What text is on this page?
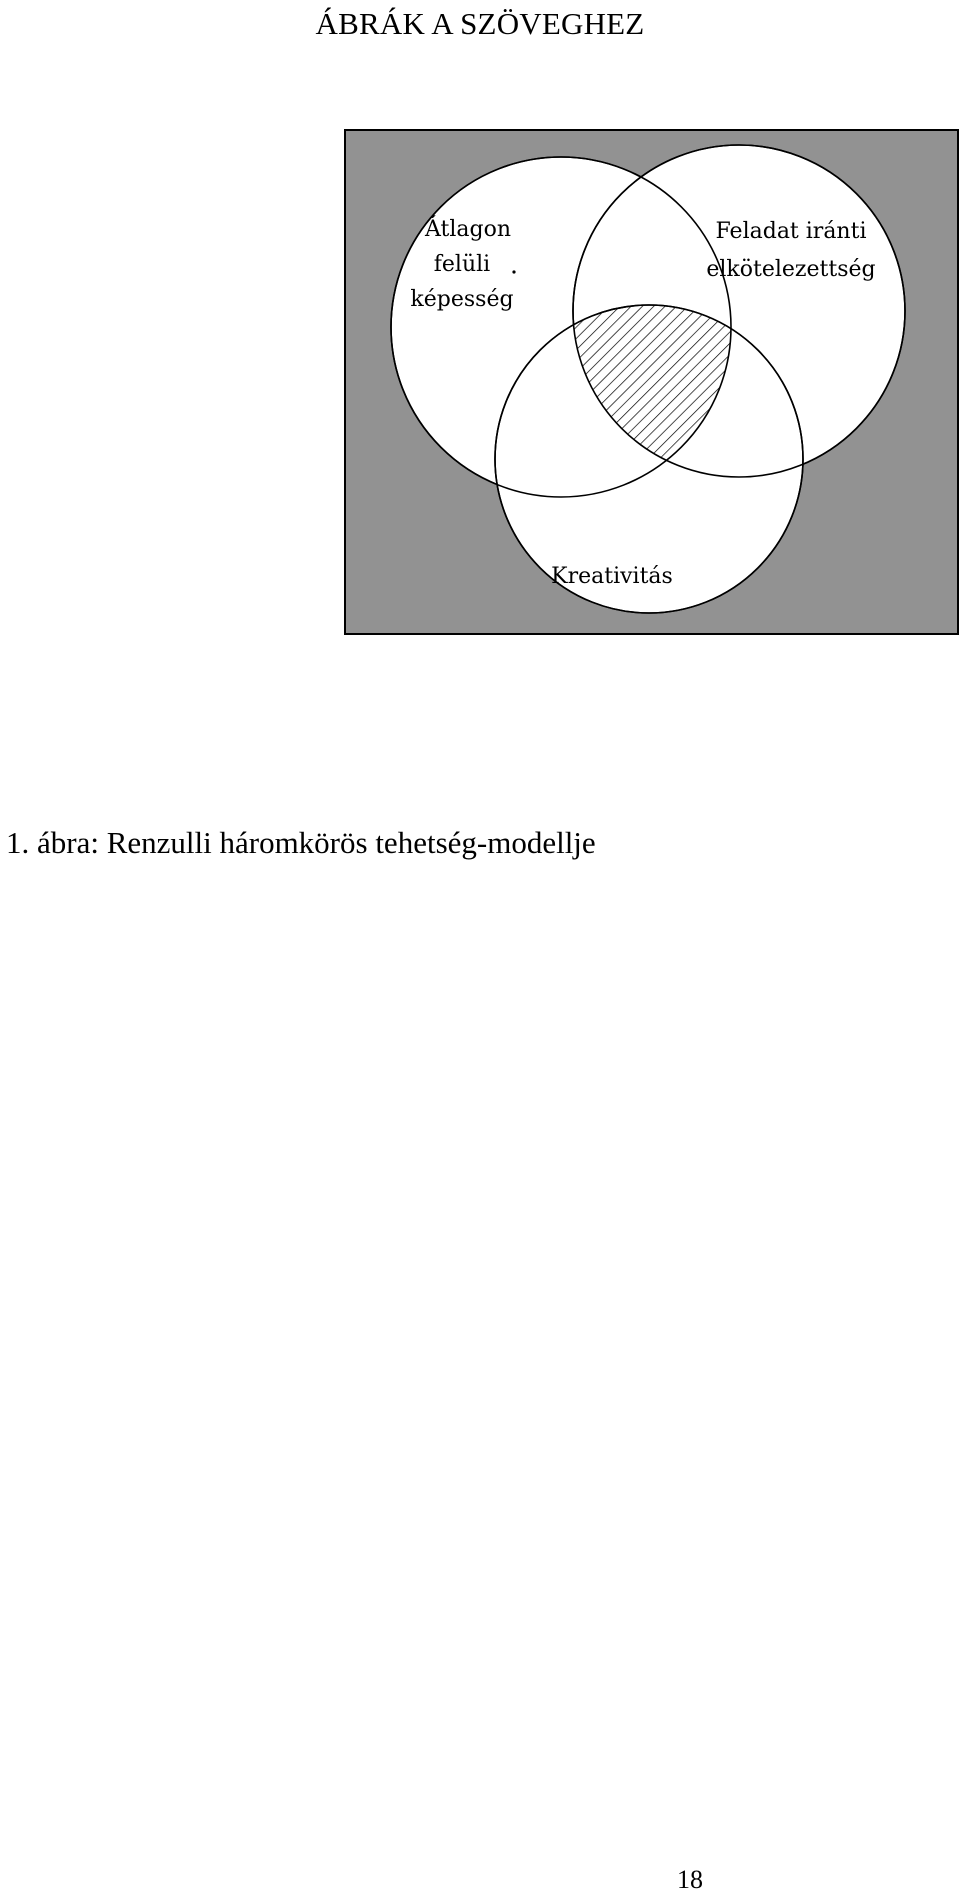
ÁBRÁK A SZÖVEGHEZ
Átlagon
felüli
képesség
Feladat iránti
elkötelezettség
Kreativitás
1. ábra: Renzulli háromkörös tehetség-modellje
18
